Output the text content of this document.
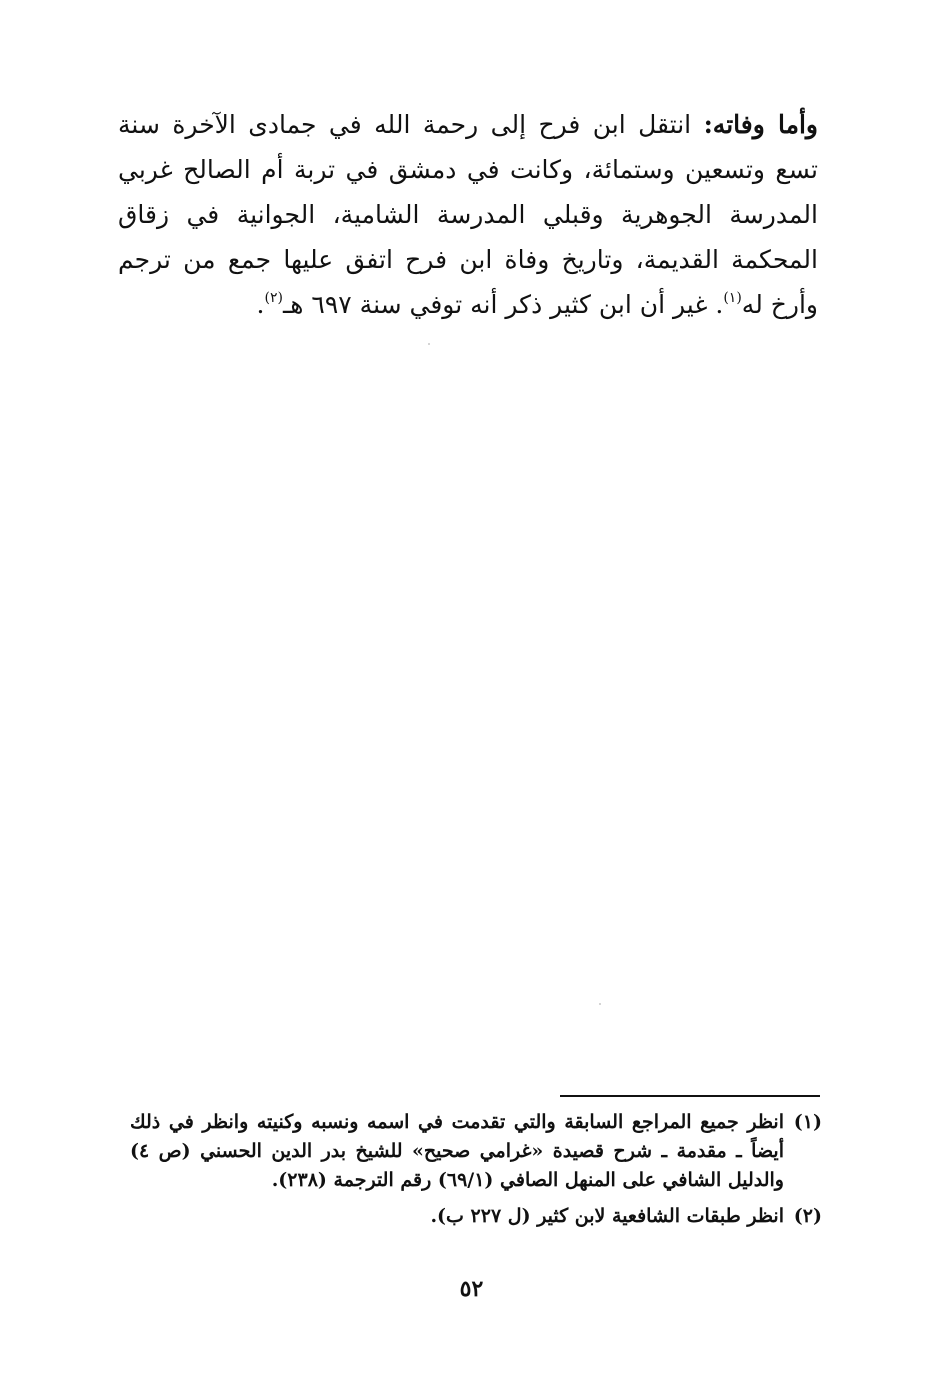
وأما وفاته: انتقل ابن فرح إلى رحمة الله في جمادى الآخرة سنة تسع وتسعين وستمائة، وكانت في دمشق في تربة أم الصالح غربي المدرسة الجوهرية وقبلي المدرسة الشامية، الجوانية في زقاق المحكمة القديمة، وتاريخ وفاة ابن فرح اتفق عليها جمع من ترجم وأرخ له$^{(١)}$. غير أن ابن كثير ذكر أنه توفي سنة ٦٩٧ هـ$^{(٢)}$.
(١)
انظر جميع المراجع السابقة والتي تقدمت في اسمه ونسبه وكنيته وانظر في ذلك أيضاً ـ مقدمة ـ شرح قصيدة «غرامي صحيح» للشيخ بدر الدين الحسني (ص ٤) والدليل الشافي على المنهل الصافي (٦٩/١) رقم الترجمة (٢٣٨).
(٢)
انظر طبقات الشافعية لابن كثير (ل ٢٢٧ ب).
٥٢
